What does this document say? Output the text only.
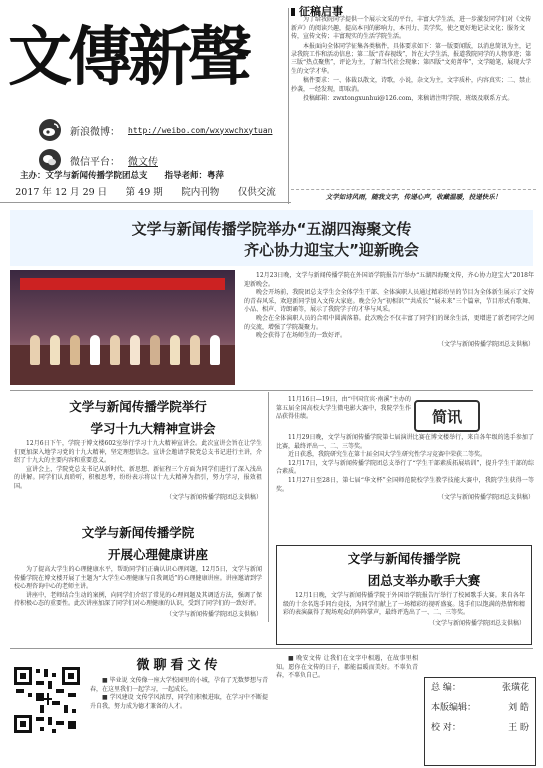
文傳新聲
新浪微博： http://weibo.com/wxyxwchxytuan
微信平台： 微文传
主办：文学与新闻传播学院团总支 指导老师：粤萍
2017 年 12 月 29 日 第 49 期 院内刊物 仅供交流
征稿启事

为了给我院同学提供一个展示文采的平台，丰富大学生活，进一步激发同学们对《文传新声》的阅读兴趣，提高本刊的影响力，本刊力、美学奖，使之更好地记录文化；服务文传，宣传文传；丰富现实的生活学院生活。

本报面向全体同学征集各类稿件，具体要求如下：第一版要闻版，以消息简讯为主，记录我院工作和活动信息；第二版“青春视线”，旨在大学生活，报道我院同学的人物事迹；第三版“热点聚焦”，评论为主，了解当代社会现象；第四版“文苑菁华”，文学随笔，展现大学生的文学才华。

稿件要求：一、体裁以散文，诗歌，小说，杂文为主，文字质朴，内容真实；二、禁止抄袭，一经发现，即取消。

投稿邮箱：zwxtongxunhui@126.com，来稿请注明学院、班级及联系方式。

文学如诗风雨，随我文字，传递心声，收藏温暖，投递快乐！
文学与新闻传播学院举办“五湖四海聚文传
齐心协力迎宝大”迎新晚会

12月23日晚，文学与新闻传播学院在外国语学院报告厅举办“五湖四海聚文传，齐心协力迎宝大”2018年迎新晚会。

晚会开场前，我院团总支学生会全体学生干部、全体演职人员通过精彩纷呈的节目为全体新生展示了文传的青春风采，欢迎新同学加入文传大家庭。晚会分为“初相识”“共成长”“展未来”三个篇章，节目形式有歌舞、小品、相声、诗朗诵等，展示了我院学子的才华与风采。

晚会在全体演职人员的合唱中圆满落幕。此次晚会不仅丰富了同学们的课余生活，更增进了新老同学之间的交流，增强了学院凝聚力。

晚会获得了在场师生的一致好评。

（文学与新闻传播学院团总支供稿）
文学与新闻传播学院举行
学习十九大精神宣讲会

12月6日下午，学院于博文楼602室举行学习十九大精神宣讲会。此次宣讲会旨在让学生们更加深入地学习党的十九大精神，坚定理想信念。宣讲会邀请学院党总支书记进行主讲，介绍了十九大的主要内容和重要意义。

宣讲会上，学院党总支书记从新时代、新思想、新征程三个方面为同学们进行了深入浅出的讲解。同学们认真聆听，积极思考，纷纷表示将以十九大精神为指引，努力学习，报效祖国。

（文学与新闻传播学院团总支供稿）
文学与新闻传播学院
开展心理健康讲座

为了提高大学生的心理健康水平，帮助同学们正确认识心理问题，12月5日，文学与新闻传播学院在博文楼开展了主题为“大学生心理健康与自我调适”的心理健康讲座。讲座邀请到学校心理咨询中心的老师主讲。

讲座中，老师结合生动的案例，向同学们介绍了常见的心理问题及其调适方法，强调了保持积极心态的重要性。此次讲座加深了同学们对心理健康的认识，受到了同学们的一致好评。

（文学与新闻传播学院团总支供稿）
简讯

11月16日—19日，由“中国宜宾·南溪”主办的第五届全国高校大学生微电影大赛中，我院学生作品获得佳绩。

11月29日晚，文学与新闻传播学院第七届演讲比赛在博文楼举行，来自各年级的选手参加了比赛，最终评出一、二、三等奖。

近日获悉，我院研究生在第十届全国大学生研究性学习竞赛中荣获二等奖。

12月17日，文学与新闻传播学院团总支举行了“学生干部素质拓展培训”，提升学生干部的综合素质。

11月27日至28日，第七届“华文杯”全国师范院校学生教学技能大赛中，我院学生获得一等奖。

（文学与新闻传播学院团总支供稿）
文学与新闻传播学院
团总支举办歌手大赛

12月1日晚，文学与新闻传播学院于外国语学院报告厅举行了校园歌手大赛。来自各年级的十余名选手同台竞技，为同学们献上了一场精彩的视听盛宴。选手们以饱满的热情和精彩的表演赢得了现场观众的阵阵掌声，最终评选出了一、二、三等奖。

（文学与新闻传播学院团总支供稿）
微聊看文传

■ 毕业说 文传像一座大学校园里的小城，孕育了无数梦想与青春，在这里我们一起学习，一起成长。

■ 学风建设 文传学风浓厚，同学们积极进取，在学习中不断提升自我，努力成为德才兼备的人才。

■ 晚安文传 让我们在文字中相遇，在故事里相知。愿你在文传的日子，都能温暖而美好。不辜负青春，不辜负自己。

总 编：	张璜花
本版编辑：	刘 皓
校 对：	王 盼
